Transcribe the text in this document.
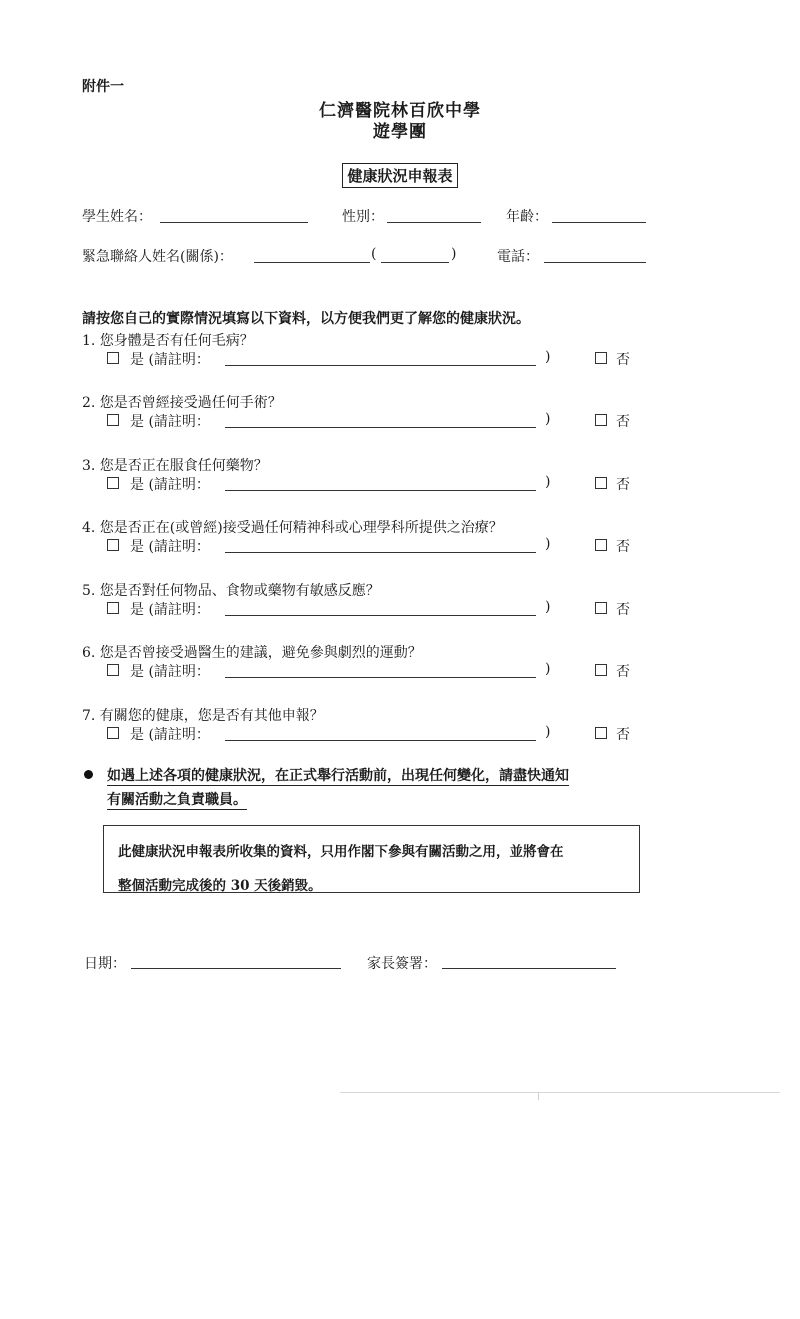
附件一
仁濟醫院林百欣中學
遊學團
健康狀況申報表
學生姓名：	性別：	年齡：
緊急聯絡人姓名(關係)：	(	)	電話：
請按您自己的實際情況填寫以下資料，以方便我們更了解您的健康狀況。
1. 您身體是否有任何毛病？
是 (請註明：	)	否
2. 您是否曾經接受過任何手術？
是 (請註明：	)	否
3. 您是否正在服食任何藥物？
是 (請註明：	)	否
4. 您是否正在(或曾經)接受過任何精神科或心理學科所提供之治療？
是 (請註明：	)	否
5. 您是否對任何物品、食物或藥物有敏感反應？
是 (請註明：	)	否
6. 您是否曾接受過醫生的建議，避免參與劇烈的運動？
是 (請註明：	)	否
7. 有關您的健康，您是否有其他申報？
是 (請註明：	)	否
如遇上述各項的健康狀況，在正式舉行活動前，出現任何變化，請盡快通知
有關活動之負責職員。
此健康狀況申報表所收集的資料，只用作閣下參與有關活動之用，並將會在
整個活動完成後的 30 天後銷毀。
日期：	家長簽署：
